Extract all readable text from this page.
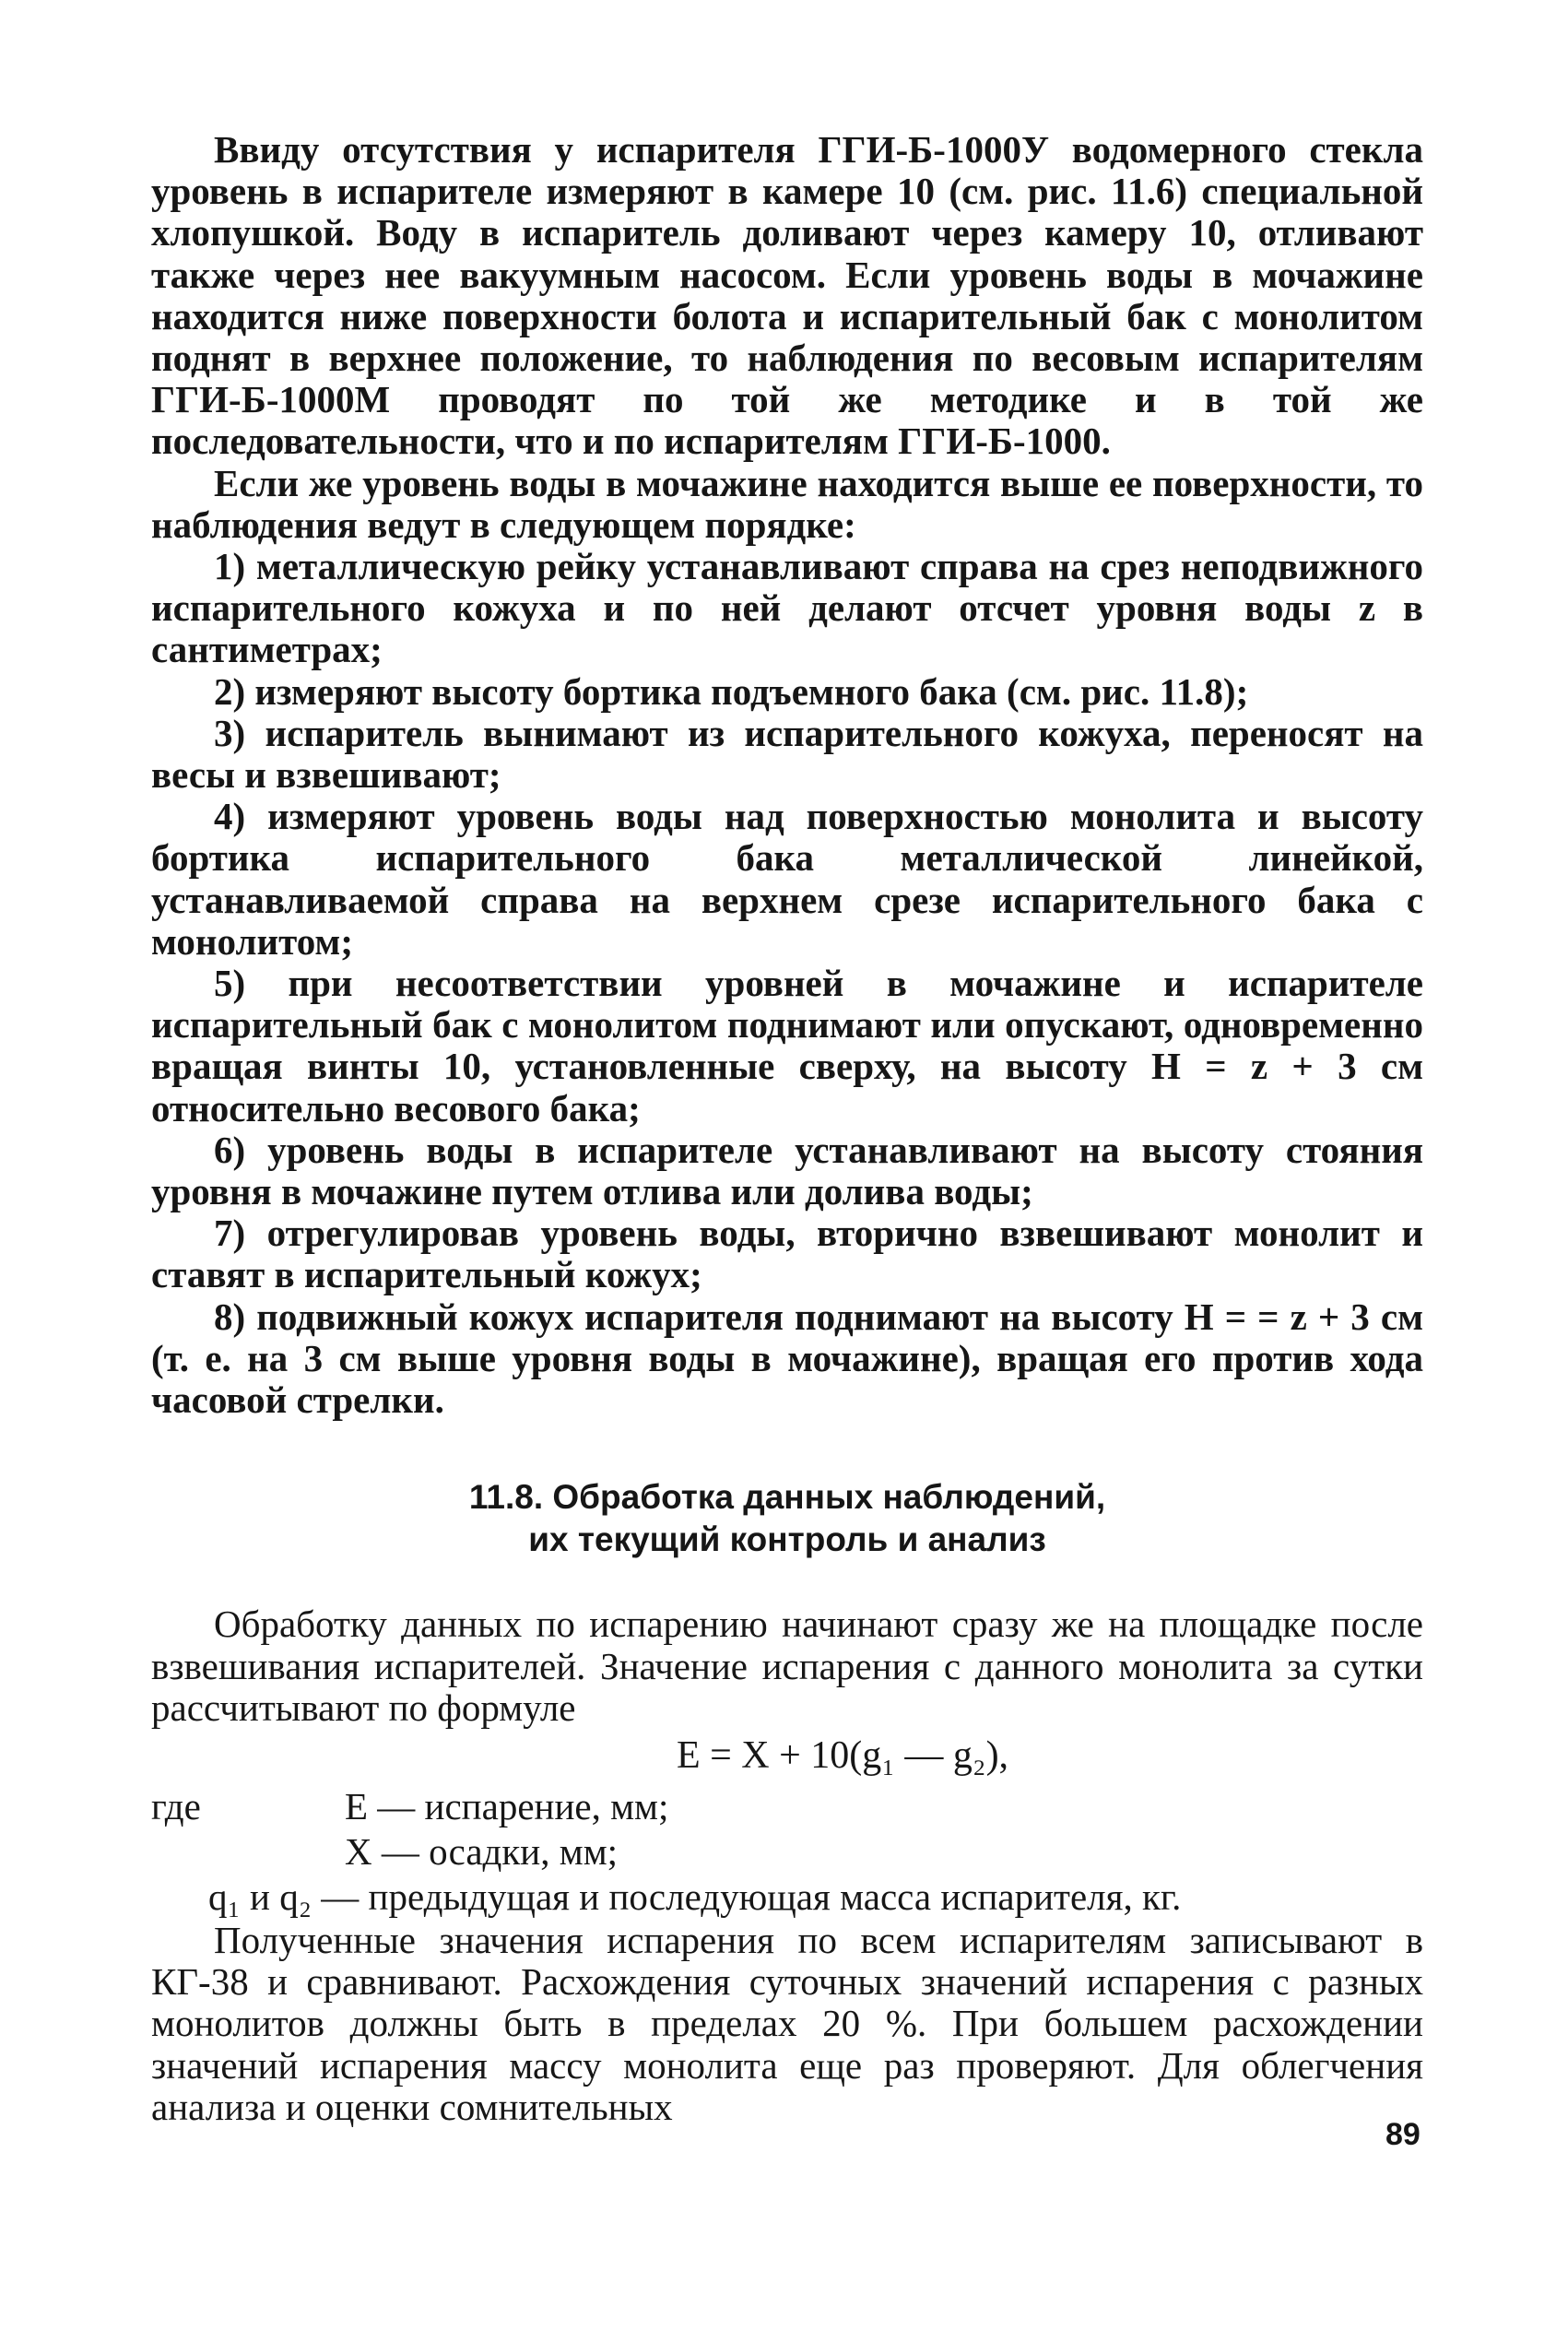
Ввиду отсутствия у испарителя ГГИ-Б-1000У водомерного стекла уровень в испарителе измеряют в камере 10 (см. рис. 11.6) специальной хлопушкой. Воду в испаритель доливают через камеру 10, отливают также через нее вакуумным насосом. Если уровень воды в мочажине находится ниже поверхности болота и испарительный бак с монолитом поднят в верхнее положение, то наблюдения по весовым испарителям ГГИ-Б-1000М проводят по той же методике и в той же последовательности, что и по испарителям ГГИ-Б-1000.

Если же уровень воды в мочажине находится выше ее поверхности, то наблюдения ведут в следующем порядке:

1) металлическую рейку устанавливают справа на срез неподвижного испарительного кожуха и по ней делают отсчет уровня воды z в сантиметрах;

2) измеряют высоту бортика подъемного бака (см. рис. 11.8);

3) испаритель вынимают из испарительного кожуха, переносят на весы и взвешивают;

4) измеряют уровень воды над поверхностью монолита и высоту бортика испарительного бака металлической линейкой, устанавливаемой справа на верхнем срезе испарительного бака с монолитом;

5) при несоответствии уровней в мочажине и испарителе испарительный бак с монолитом поднимают или опускают, одновременно вращая винты 10, установленные сверху, на высоту H = z + 3 см относительно весового бака;

6) уровень воды в испарителе устанавливают на высоту стояния уровня в мочажине путем отлива или долива воды;

7) отрегулировав уровень воды, вторично взвешивают монолит и ставят в испарительный кожух;

8) подвижный кожух испарителя поднимают на высоту H = = z + 3 см (т. е. на 3 см выше уровня воды в мочажине), вращая его против хода часовой стрелки.

11.8. Обработка данных наблюдений,
их текущий контроль и анализ

Обработку данных по испарению начинают сразу же на площадке после взвешивания испарителей. Значение испарения с данного монолита за сутки рассчитывают по формуле

E = X + 10(g₁ — g₂),
где	E — испарение, мм;
X — осадки, мм;
q₁ и q₂ — предыдущая и последующая масса испарителя, кг.

Полученные значения испарения по всем испарителям записывают в КГ-38 и сравнивают. Расхождения суточных значений испарения с разных монолитов должны быть в пределах 20 %. При большем расхождении значений испарения массу монолита еще раз проверяют. Для облегчения анализа и оценки сомнительных

89
